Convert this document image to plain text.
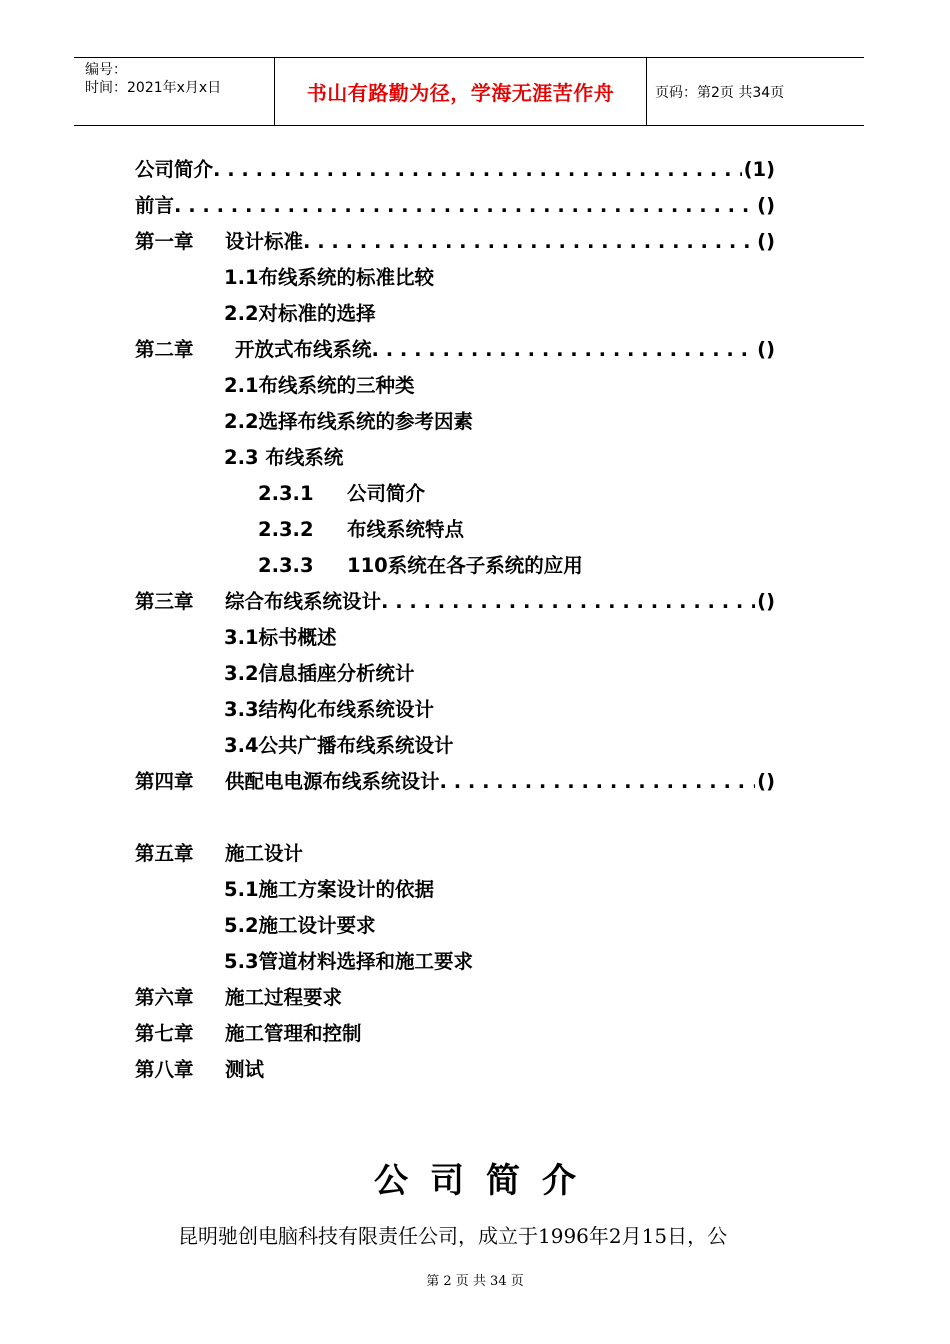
编号：
时间：2021年x月x日	书山有路勤为径，学海无涯苦作舟	页码：第2页 共34页
公司简介 . . .	(1)
前言 . . .	()
第一章	设计标准 . . .	()
1.1布线系统的标准比较
2.2对标准的选择
第二章	开放式布线系统 . . .	()
2.1布线系统的三种类
2.2选择布线系统的参考因素
2.3 布线系统
2.3.1	公司简介
2.3.2	布线系统特点
2.3.3	110系统在各子系统的应用
第三章	综合布线系统设计 . . .	()
3.1标书概述
3.2信息插座分析统计
3.3结构化布线系统设计
3.4公共广播布线系统设计
第四章	供配电电源布线系统设计 . . .	()
第五章	施工设计
5.1施工方案设计的依据
5.2施工设计要求
5.3管道材料选择和施工要求
第六章	施工过程要求
第七章	施工管理和控制
第八章	测试
公司简介
昆明驰创电脑科技有限责任公司，成立于1996年2月15日，公
第 2 页 共 34 页
